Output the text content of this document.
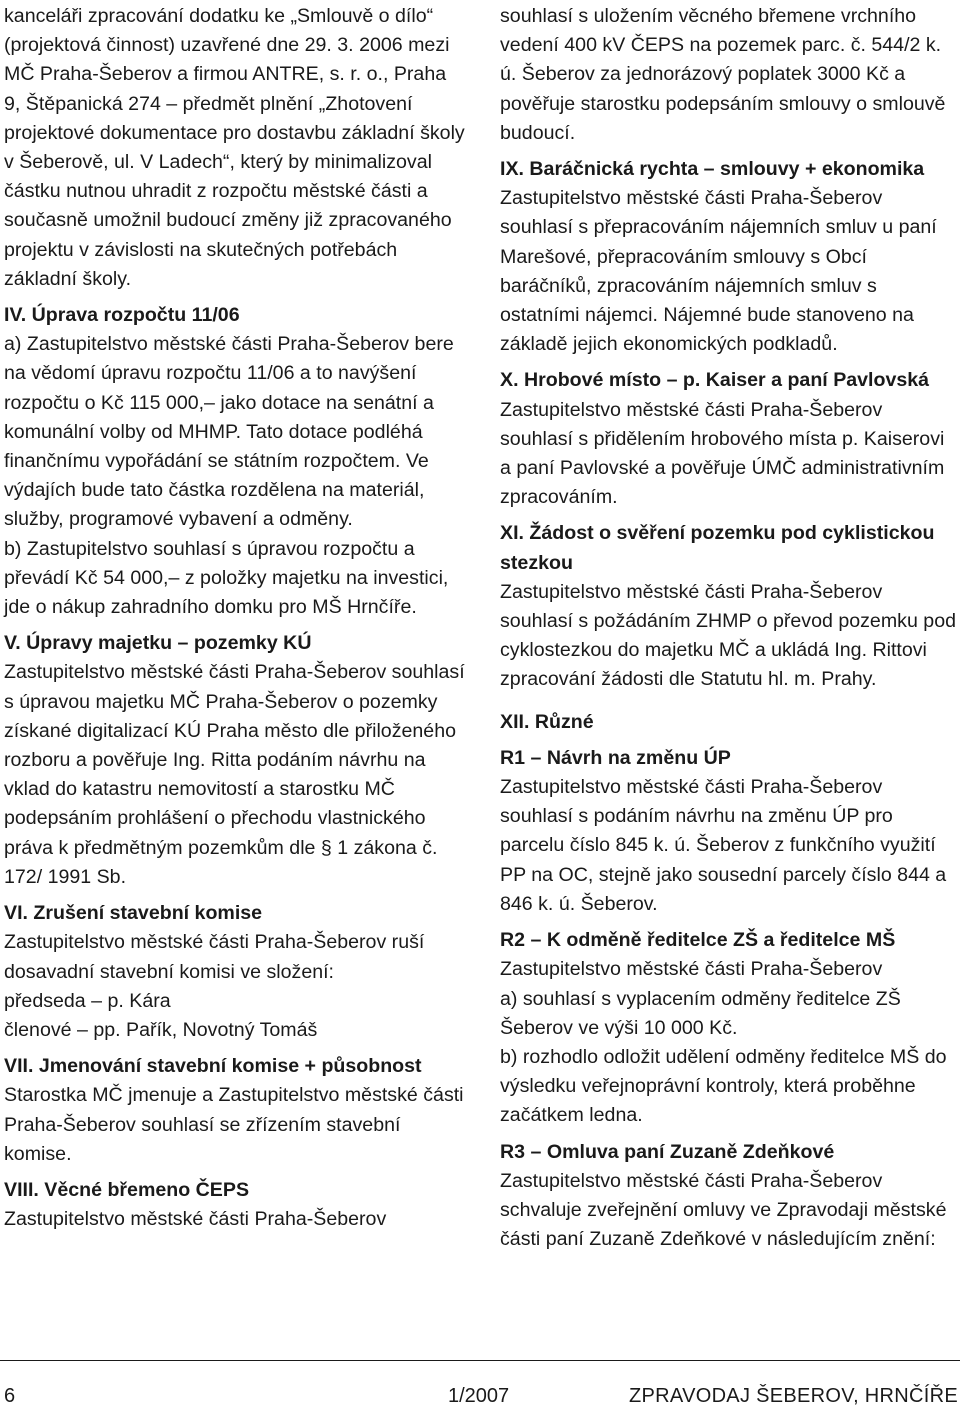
kanceláři zpracování dodatku ke „Smlouvě o dílo“ (projektová činnost) uzavřené dne 29. 3. 2006 mezi MČ Praha-Šeberov a firmou ANTRE, s. r. o., Praha 9, Štěpanická 274 – předmět plnění „Zhotovení projektové dokumentace pro dostavbu základní školy v Šeberově, ul. V Ladech“, který by minimalizoval částku nutnou uhradit z rozpočtu městské části a současně umožnil budoucí změny již zpracovaného projektu v závislosti na skutečných potřebách základní školy.

IV. Úprava rozpočtu 11/06

a) Zastupitelstvo městské části Praha-Šeberov bere na vědomí úpravu rozpočtu 11/06 a to navýšení rozpočtu o Kč 115 000,– jako dotace na senátní a komunální volby od MHMP. Tato dotace podléhá finančnímu vypořádání se státním rozpočtem. Ve výdajích bude tato částka rozdělena na materiál, služby, programové vybavení a odměny.

b) Zastupitelstvo souhlasí s úpravou rozpočtu a převádí Kč 54 000,– z položky majetku na investici, jde o nákup zahradního domku pro MŠ Hrnčíře.

V. Úpravy majetku – pozemky KÚ

Zastupitelstvo městské části Praha-Šeberov souhlasí s úpravou majetku MČ Praha-Šeberov o pozemky získané digitalizací KÚ Praha město dle přiloženého rozboru a pověřuje Ing. Ritta podáním návrhu na vklad do katastru nemovitostí a starostku MČ podepsáním prohlášení o přechodu vlastnického práva k předmětným pozemkům dle § 1 zákona č. 172/ 1991 Sb.

VI. Zrušení stavební komise

Zastupitelstvo městské části Praha-Šeberov ruší dosavadní stavební komisi ve složení:

předseda – p. Kára

členové – pp. Pařík, Novotný Tomáš

VII. Jmenování stavební komise + působnost

Starostka MČ jmenuje a Zastupitelstvo městské části Praha-Šeberov souhlasí se zřízením stavební komise.

VIII. Věcné břemeno ČEPS

Zastupitelstvo městské části Praha-Šeberov

souhlasí s uložením věcného břemene vrchního vedení 400 kV ČEPS na pozemek parc. č. 544/2 k. ú. Šeberov za jednorázový poplatek 3000 Kč a pověřuje starostku podepsáním smlouvy o smlouvě budoucí.

IX. Baráčnická rychta – smlouvy + ekonomika

Zastupitelstvo městské části Praha-Šeberov souhlasí s přepracováním nájemních smluv u paní Marešové, přepracováním smlouvy s Obcí baráčníků, zpracováním nájemních smluv s ostatními nájemci. Nájemné bude stanoveno na základě jejich ekonomických podkladů.

X. Hrobové místo – p. Kaiser a paní Pavlovská

Zastupitelstvo městské části Praha-Šeberov souhlasí s přidělením hrobového místa p. Kaiserovi a paní Pavlovské a pověřuje ÚMČ administrativním zpracováním.

XI. Žádost o svěření pozemku pod cyklistickou stezkou

Zastupitelstvo městské části Praha-Šeberov souhlasí s požádáním ZHMP o převod pozemku pod cyklostezkou do majetku MČ a ukládá Ing. Rittovi zpracování žádosti dle Statutu hl. m. Prahy.

XII. Různé

R1 – Návrh na změnu ÚP

Zastupitelstvo městské části Praha-Šeberov souhlasí s podáním návrhu na změnu ÚP pro parcelu číslo 845 k. ú. Šeberov z funkčního využití PP na OC, stejně jako sousední parcely číslo 844 a 846 k. ú. Šeberov.

R2 – K odměně ředitelce ZŠ a ředitelce MŠ

Zastupitelstvo městské části Praha-Šeberov

a) souhlasí s vyplacením odměny ředitelce ZŠ Šeberov ve výši 10 000 Kč.

b) rozhodlo odložit udělení odměny ředitelce MŠ do výsledku veřejnoprávní kontroly, která proběhne začátkem ledna.

R3 – Omluva paní Zuzaně Zdeňkové

Zastupitelstvo městské části Praha-Šeberov schvaluje zveřejnění omluvy ve Zpravodaji městské části paní Zuzaně Zdeňkové v následujícím znění:

6	1/2007	ZPRAVODAJ ŠEBEROV, HRNČÍŘE
